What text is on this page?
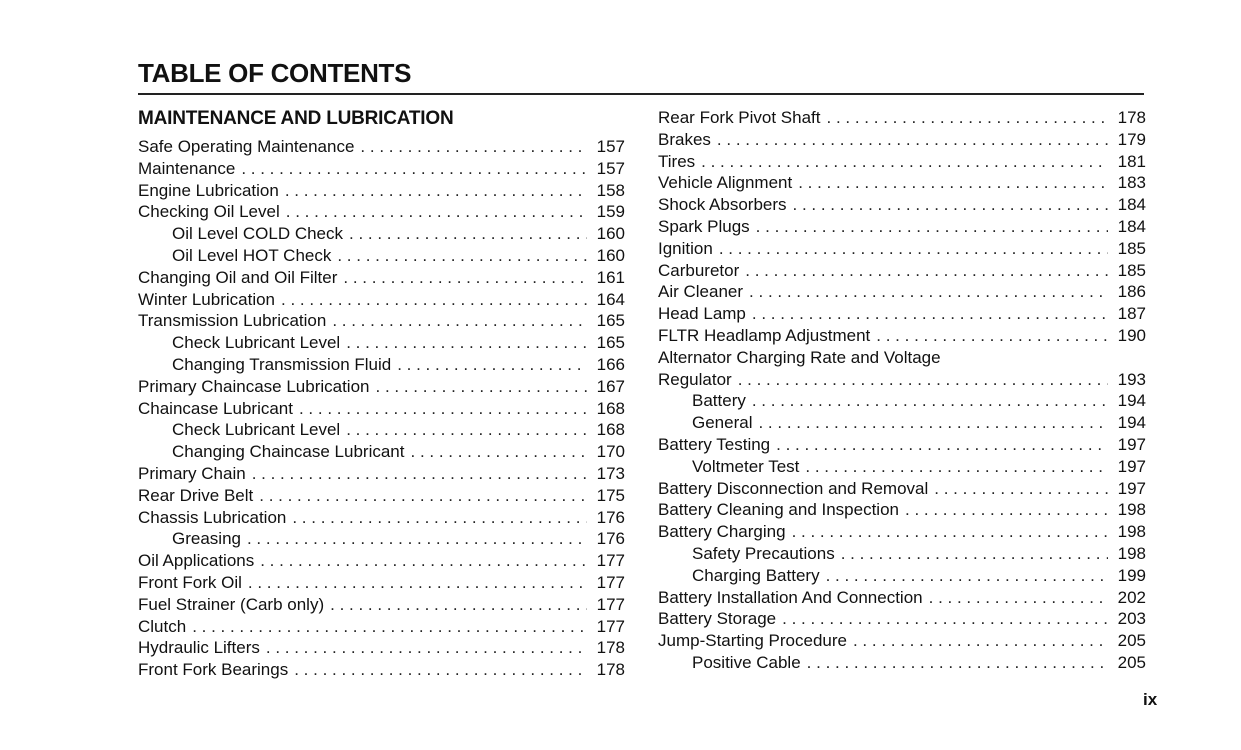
TABLE OF CONTENTS
MAINTENANCE AND LUBRICATION
Safe Operating Maintenance . . .	157
Maintenance . . .	157
Engine Lubrication . . .	158
Checking Oil Level . . .	159
Oil Level COLD Check . . .	160
Oil Level HOT Check . . .	160
Changing Oil and Oil Filter . . .	161
Winter Lubrication . . .	164
Transmission Lubrication . . .	165
Check Lubricant Level . . .	165
Changing Transmission Fluid . . .	166
Primary Chaincase Lubrication . . .	167
Chaincase Lubricant . . .	168
Check Lubricant Level . . .	168
Changing Chaincase Lubricant . . .	170
Primary Chain . . .	173
Rear Drive Belt . . .	175
Chassis Lubrication . . .	176
Greasing . . .	176
Oil Applications . . .	177
Front Fork Oil . . .	177
Fuel Strainer (Carb only) . . .	177
Clutch . . .	177
Hydraulic Lifters . . .	178
Front Fork Bearings . . .	178
Rear Fork Pivot Shaft . . .	178
Brakes . . .	179
Tires . . .	181
Vehicle Alignment . . .	183
Shock Absorbers . . .	184
Spark Plugs . . .	184
Ignition . . .	185
Carburetor . . .	185
Air Cleaner . . .	186
Head Lamp . . .	187
FLTR Headlamp Adjustment . . .	190
Alternator Charging Rate and Voltage
Regulator . . .	193
Battery . . .	194
General . . .	194
Battery Testing . . .	197
Voltmeter Test . . .	197
Battery Disconnection and Removal . . .	197
Battery Cleaning and Inspection . . .	198
Battery Charging . . .	198
Safety Precautions . . .	198
Charging Battery . . .	199
Battery Installation And Connection . . .	202
Battery Storage . . .	203
Jump-Starting Procedure . . .	205
Positive Cable . . .	205
ix
